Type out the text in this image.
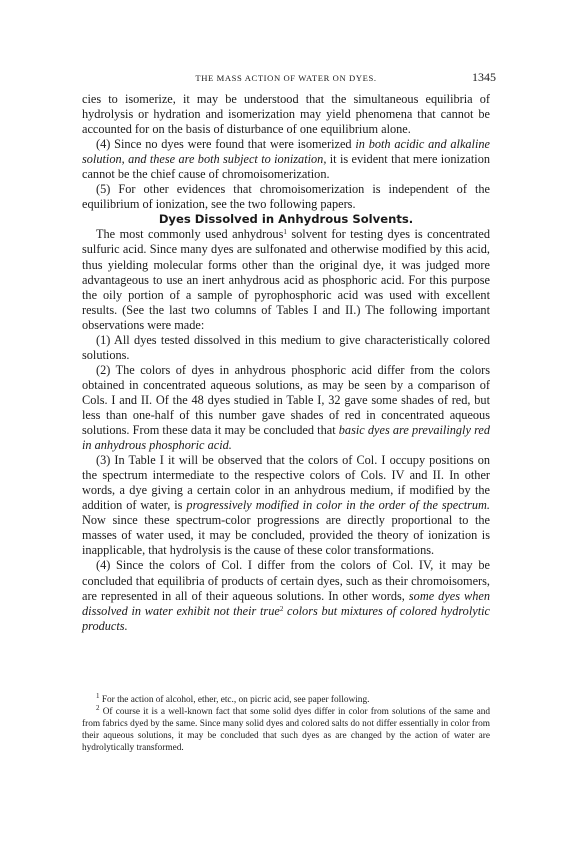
THE MASS ACTION OF WATER ON DYES.	1345

cies to isomerize, it may be understood that the simultaneous equilibria of hydrolysis or hydration and isomerization may yield phenomena that cannot be accounted for on the basis of disturbance of one equilibrium alone.

(4) Since no dyes were found that were isomerized in both acidic and alkaline solution, and these are both subject to ionization, it is evident that mere ionization cannot be the chief cause of chromoisomerization.

(5) For other evidences that chromoisomerization is independent of the equilibrium of ionization, see the two following papers.

Dyes Dissolved in Anhydrous Solvents.

The most commonly used anhydrous$^1$ solvent for testing dyes is concentrated sulfuric acid. Since many dyes are sulfonated and otherwise modified by this acid, thus yielding molecular forms other than the original dye, it was judged more advantageous to use an inert anhydrous acid as phosphoric acid. For this purpose the oily portion of a sample of pyrophosphoric acid was used with excellent results. (See the last two columns of Tables I and II.) The following important observations were made:

(1) All dyes tested dissolved in this medium to give characteristically colored solutions.

(2) The colors of dyes in anhydrous phosphoric acid differ from the colors obtained in concentrated aqueous solutions, as may be seen by a comparison of Cols. I and II. Of the 48 dyes studied in Table I, 32 gave some shades of red, but less than one-half of this number gave shades of red in concentrated aqueous solutions. From these data it may be concluded that basic dyes are prevailingly red in anhydrous phosphoric acid.

(3) In Table I it will be observed that the colors of Col. I occupy positions on the spectrum intermediate to the respective colors of Cols. IV and II. In other words, a dye giving a certain color in an anhydrous medium, if modified by the addition of water, is progressively modified in color in the order of the spectrum. Now since these spectrum-color progressions are directly proportional to the masses of water used, it may be concluded, provided the theory of ionization is inapplicable, that hydrolysis is the cause of these color transformations.

(4) Since the colors of Col. I differ from the colors of Col. IV, it may be concluded that equilibria of products of certain dyes, such as their chromoisomers, are represented in all of their aqueous solutions. In other words, some dyes when dissolved in water exhibit not their true$^2$ colors but mixtures of colored hydrolytic products.

$^1$ For the action of alcohol, ether, etc., on picric acid, see paper following.

$^2$ Of course it is a well-known fact that some solid dyes differ in color from solutions of the same and from fabrics dyed by the same. Since many solid dyes and colored salts do not differ essentially in color from their aqueous solutions, it may be concluded that such dyes as are changed by the action of water are hydrolytically transformed.
